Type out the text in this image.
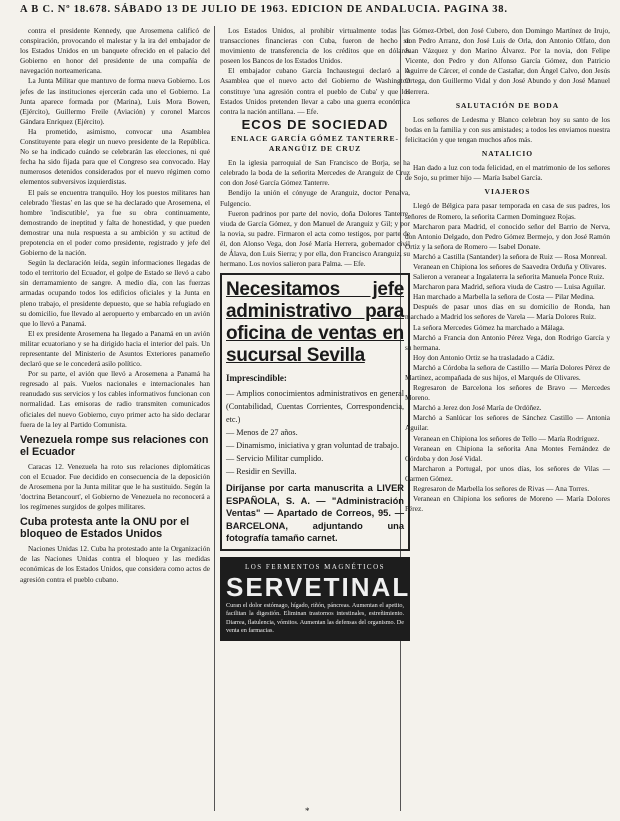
A B C. Nº 18.678. SÁBADO 13 DE JULIO DE 1963. EDICION DE ANDALUCIA. PAGINA 38.

contra el presidente Kennedy, que Arosemena calificó de conspiración, provocando el malestar y la ira del embajador de los Estados Unidos en un banquete ofrecido en el palacio del Gobierno en honor del presidente de una compañía de navegación norteamericana.

La Junta Militar que mantuvo de forma nueva Gobierno. Los jefes de las instituciones ejercerán cada uno el Gobierno. La Junta aparece formada por (Marina), Luis Mora Bowen, (Ejército), Guillermo Freile (Aviación) y coronel Marcos Gándara Enríquez (Ejército).

Ha prometido, asimismo, convocar una Asamblea Constituyente para elegir un nuevo presidente de la República. No se ha indicado cuándo se celebrarán las elecciones, ni qué fecha ha sido fijada para que el Congreso sea convocado. Hay numerosos detenidos considerados por el nuevo régimen como elementos subversivos izquierdistas.

El país se encuentra tranquilo. Hoy los puestos militares han celebrado 'fiestas' en las que se ha declarado que Arosemena, el hombre 'indiscutible', ya fue su obra continuamente, demostrando de ineptitud y falta de honestidad, y que pueden demostrar una nula respuesta a su ambición y su actitud de prepotencia en el poder como presidente, registrado y jefe del Gobierno de la nación.

Según la declaración leída, según informaciones llegadas de todo el territorio del Ecuador, el golpe de Estado se llevó a cabo sin derramamiento de sangre. A medio día, con las fuerzas armadas ocupando todos los edificios oficiales y la Junta en pleno trabajo, el presidente depuesto, que se había refugiado en su domicilio, fue llevado al aeropuerto y embarcado en un avión que lo llevó a Panamá.

El ex presidente Arosemena ha llegado a Panamá en un avión militar ecuatoriano y se ha dirigido hacia el interior del país. Un representante del Ministerio de Asuntos Exteriores panameño declaró que se le concederá asilo político.

Por su parte, el avión que llevó a Arosemena a Panamá ha regresado al país. Vuelos nacionales e internacionales han reanudado sus servicios y los cables informativos funcionan con normalidad. Las emisoras de radio transmiten comunicados oficiales del nuevo Gobierno, cuyo primer acto ha sido declarar fuera de la ley al Partido Comunista.

Venezuela rompe sus relaciones con el Ecuador

Caracas 12. Venezuela ha roto sus relaciones diplomáticas con el Ecuador. Fue decidido en consecuencia de la deposición de Arosemena por la Junta militar que le ha sustituido. Según la 'doctrina Betancourt', el Gobierno de Venezuela no reconocerá a los regímenes surgidos de golpes militares.

Cuba protesta ante la ONU por el bloqueo de Estados Unidos

Naciones Unidas 12. Cuba ha protestado ante la Organización de las Naciones Unidas contra el bloqueo y las medidas económicas de los Estados Unidos, que considera como actos de agresión contra el pueblo cubano.

Los Estados Unidos, al prohibir virtualmente todas las transacciones financieras con Cuba, fueron de hecho su movimiento de transferencia de los créditos que en dólares poseen los Bancos de los Estados Unidos.

El embajador cubano García Inchaustegui declaró a la Asamblea que el nuevo acto del Gobierno de Washington constituye 'una agresión contra el pueblo de Cuba' y que los Estados Unidos pretenden llevar a cabo una guerra económica contra la nación antillana. — Efe.

ECOS DE SOCIEDAD
ENLACE GARCÍA GÓMEZ TANTERRE-ARANGÜIZ DE CRUZ

En la iglesia parroquial de San Francisco de Borja, se ha celebrado la boda de la señorita Mercedes de Aranguiz de Cruz con don José García Gómez Tanterre.

Bendijo la unión el cónyuge de Aranguiz, doctor Penalva, Fulgencio.

Fueron padrinos por parte del novio, doña Dolores Tanterre, viuda de García Gómez, y don Manuel de Aranguiz y Gil; y por la novia, su padre. Firmaron el acta como testigos, por parte de él, don Alonso Vega, don José María Herrera, gobernador civil de Álava, don Luis Sierra; y por ella, don Francisco Aranguiz, su hermano. Los novios salieron para Palma. — Efe.

Necesitamos jefe administrativo para oficina de ventas en sucursal Sevilla
Imprescindible:
— Amplios conocimientos administrativos en general (Contabilidad, Cuentas Corrientes, Correspondencia, etc.)
— Menos de 27 años.
— Dinamismo, iniciativa y gran voluntad de trabajo.
— Servicio Militar cumplido.
— Residir en Sevilla.
Diríjanse por carta manuscrita a LIVER ESPAÑOLA, S. A. — "Administración Ventas" — Apartado de Correos, 95. — BARCELONA, adjuntando una fotografía tamaño carnet.
LOS FERMENTOS MAGNÉTICOS
SERVETINAL
Curan el dolor estómago, hígado, riñón, páncreas. Aumentan el apetito, facilitan la digestión. Eliminan trastornos intestinales, estreñimiento. Diarrea, flatulencia, vómitos. Aumentan las defensas del organismo. De venta en farmacias.

Gómez-Orbel, don José Cubero, don Domingo Martínez de Irujo, don Pedro Arranz, don José Luis de Orla, don Antonio Olfato, don Juan Vázquez y don Marino Álvarez. Por la novia, don Felipe Vicente, don Pedro y don Alfonso García Gómez, don Patricio Aguirre de Cárcer, el conde de Castañar, don Ángel Calvo, don Jesús Ortega, don Guillermo Vidal y don José Abundo y don José Manuel Herrera.

SALUTACIÓN DE BODA

Los señores de Ledesma y Blanco celebran hoy su santo de los bodas en la familia y con sus amistades; a todos les enviamos nuestra felicitación y que tengan muchos años más.

NATALICIO

Han dado a luz con toda felicidad, en el matrimonio de los señores de Sojo, su primer hijo — María Isabel García.

VIAJEROS

Llegó de Bélgica para pasar temporada en casa de sus padres, los señores de Romero, la señorita Carmen Dominguez Rojas.

Marcharon para Madrid, el conocido señor del Barrio de Nerva, don Antonio Delgado, don Pedro Gómez Bermejo, y don José Ramón Ortiz y la señora de Romero — Isabel Donate.

Marchó a Castilla (Santander) la señora de Ruiz — Rosa Monreal.

Veranean en Chipiona los señores de Saavedra Orduña y Olivares.

Salieron a veranear a Ingalaterra la señorita Manuela Ponce Ruiz.

Marcharon para Madrid, señora viuda de Castro — Luisa Aguilar.

Han marchado a Marbella la señora de Costa — Pilar Medina.

Después de pasar unos días en su domicilio de Ronda, han marchado a Madrid los señores de Varela — María Dolores Ruiz.

La señora Mercedes Gómez ha marchado a Málaga.

Marchó a Francia don Antonio Pérez Vega, don Rodrigo García y su hermana.

Hoy don Antonio Ortiz se ha trasladado a Cádiz.

Marchó a Córdoba la señora de Castillo — María Dolores Pérez de Martínez, acompañada de sus hijos, el Marqués de Olivares.

Regresaron de Barcelona los señores de Bravo — Mercedes Moreno.

Marchó a Jerez don José María de Ordóñez.

Marchó a Sanlúcar los señores de Sánchez Castillo — Antonia Aguilar.

Veranean en Chipiona los señores de Tello — María Rodríguez.

Veranean en Chipiona la señorita Ana Montes Fernández de Córdoba y don José Vidal.

Marcharon a Portugal, por unos días, los señores de Vilas — Carmen Gómez.

Regresaron de Marbella los señores de Rivas — Ana Torres.

Veranean en Chipiona los señores de Moreno — María Dolores Pérez.

*
